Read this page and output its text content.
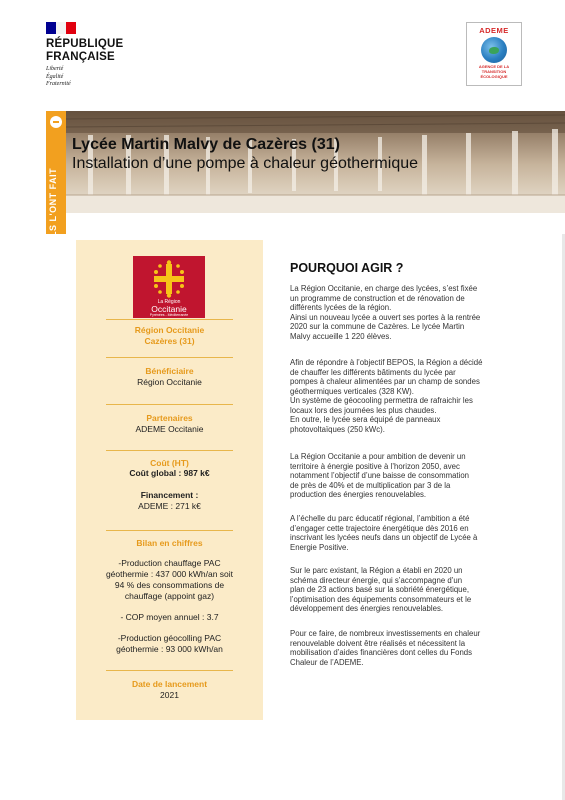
RÉPUBLIQUE
FRANÇAISE
Liberté
Égalité
Fraternité
ADEME
AGENCE DE LA
TRANSITION
ÉCOLOGIQUE
ILS L'ONT FAIT
Lycée Martin Malvy de Cazères (31)
Installation d’une pompe à chaleur géothermique
La Région
Occitanie
Pyrénées - Méditerranée
Région Occitanie
Cazères (31)
Bénéficiaire
Région Occitanie
Partenaires
ADEME Occitanie
Coût (HT)
Coût global : 987 k€
Financement :
ADEME : 271 k€
Bilan en chiffres
-Production chauffage PAC
géothermie : 437 000 kWh/an soit
94 % des consommations de
chauffage (appoint gaz)
- COP moyen annuel : 3.7
-Production géocolling PAC
géothermie : 93 000 kWh/an
Date de lancement
2021
POURQUOI AGIR ?
La Région Occitanie, en charge des lycées, s’est fixée
un programme de construction et de rénovation de
différents lycées de la région.
Ainsi un nouveau lycée a ouvert ses portes à la rentrée
2020 sur la commune de Cazères. Le lycée Martin
Malvy accueille 1 220 élèves.
Afin de répondre à l’objectif BEPOS, la Région a décidé
de chauffer les différents bâtiments du lycée par
pompes à chaleur alimentées par un champ de sondes
géothermiques verticales (328 KW).
Un système de géocooling permettra de rafraichir les
locaux lors des journées les plus chaudes.
En outre, le lycée sera équipé de panneaux
photovoltaïques (250 kWc).
La Région Occitanie a pour ambition de devenir un
territoire à énergie positive à l’horizon 2050, avec
notamment l’objectif d’une baisse de consommation
de près de 40% et de multiplication par 3 de la
production des énergies renouvelables.
A l’échelle du parc éducatif régional, l’ambition a été
d’engager cette trajectoire énergétique dès 2016 en
inscrivant les lycées neufs dans un objectif de Lycée à
Energie Positive.
Sur le parc existant, la Région a établi en 2020 un
schéma directeur énergie, qui s’accompagne d’un
plan de 23 actions basé sur la sobriété énergétique,
l’optimisation des équipements consommateurs et le
développement des énergies renouvelables.
Pour ce faire, de nombreux investissements en chaleur
renouvelable doivent être réalisés et nécessitent la
mobilisation d’aides financières dont celles du Fonds
Chaleur de l’ADEME.
